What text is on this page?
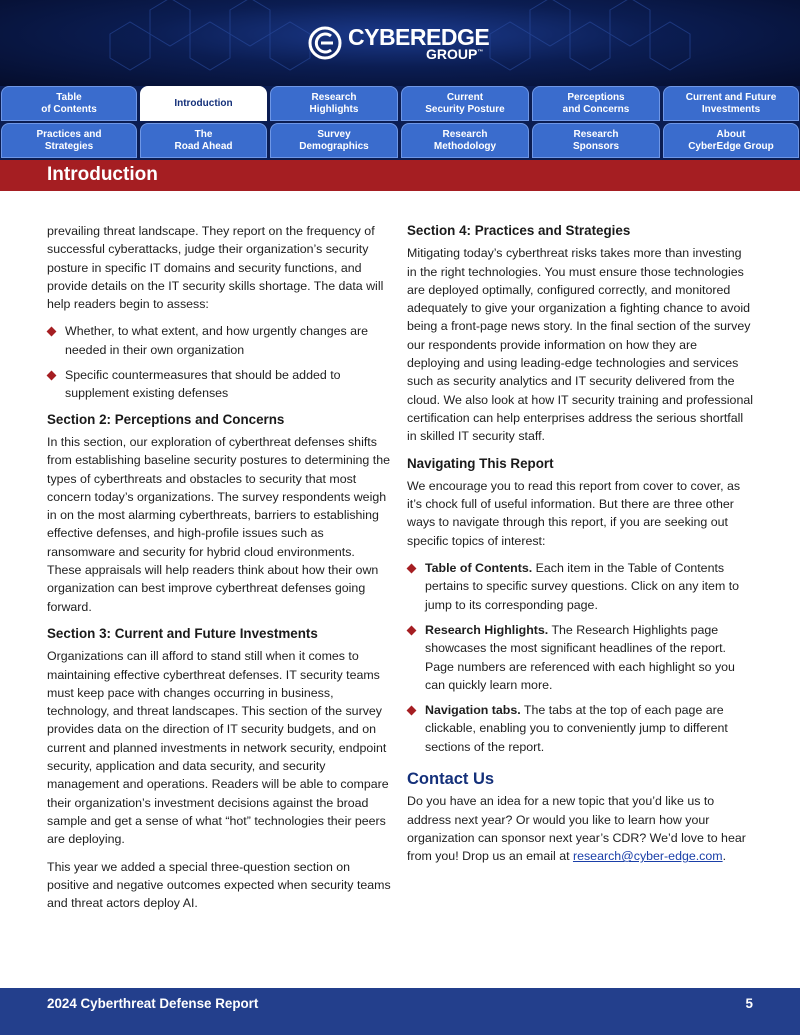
CYBEREDGE
GROUP™
Table
of Contents
Introduction
Research
Highlights
Current
Security Posture
Perceptions
and Concerns
Current and Future
Investments
Practices and
Strategies
The
Road Ahead
Survey
Demographics
Research
Methodology
Research
Sponsors
About
CyberEdge Group
Introduction

prevailing threat landscape. They report on the frequency of successful cyberattacks, judge their organization’s security posture in specific IT domains and security functions, and provide details on the IT security skills shortage. The data will help readers begin to assess:

Whether, to what extent, and how urgently changes are needed in their own organization
Specific countermeasures that should be added to supplement existing defenses
Section 2: Perceptions and Concerns

In this section, our exploration of cyberthreat defenses shifts from establishing baseline security postures to determining the types of cyberthreats and obstacles to security that most concern today’s organizations. The survey respondents weigh in on the most alarming cyberthreats, barriers to establishing effective defenses, and high-profile issues such as ransomware and security for hybrid cloud environments. These appraisals will help readers think about how their own organization can best improve cyberthreat defenses going forward.

Section 3: Current and Future Investments

Organizations can ill afford to stand still when it comes to maintaining effective cyberthreat defenses. IT security teams must keep pace with changes occurring in business, technology, and threat landscapes. This section of the survey provides data on the direction of IT security budgets, and on current and planned investments in network security, endpoint security, application and data security, and security management and operations. Readers will be able to compare their organization’s investment decisions against the broad sample and get a sense of what “hot” technologies their peers are deploying.

This year we added a special three-question section on positive and negative outcomes expected when security teams and threat actors deploy AI.

Section 4: Practices and Strategies

Mitigating today’s cyberthreat risks takes more than investing in the right technologies. You must ensure those technologies are deployed optimally, configured correctly, and monitored adequately to give your organization a fighting chance to avoid being a front-page news story. In the final section of the survey our respondents provide information on how they are deploying and using leading-edge technologies and services such as security analytics and IT security delivered from the cloud. We also look at how IT security training and professional certification can help enterprises address the serious shortfall in skilled IT security staff.

Navigating This Report

We encourage you to read this report from cover to cover, as it’s chock full of useful information. But there are three other ways to navigate through this report, if you are seeking out specific topics of interest:

Table of Contents. Each item in the Table of Contents pertains to specific survey questions. Click on any item to jump to its corresponding page.
Research Highlights. The Research Highlights page showcases the most significant headlines of the report. Page numbers are referenced with each highlight so you can quickly learn more.
Navigation tabs. The tabs at the top of each page are clickable, enabling you to conveniently jump to different sections of the report.
Contact Us

Do you have an idea for a new topic that you’d like us to address next year? Or would you like to learn how your organization can sponsor next year’s CDR? We’d love to hear from you! Drop us an email at research@cyber-edge.com.

2024 Cyberthreat Defense Report	5
